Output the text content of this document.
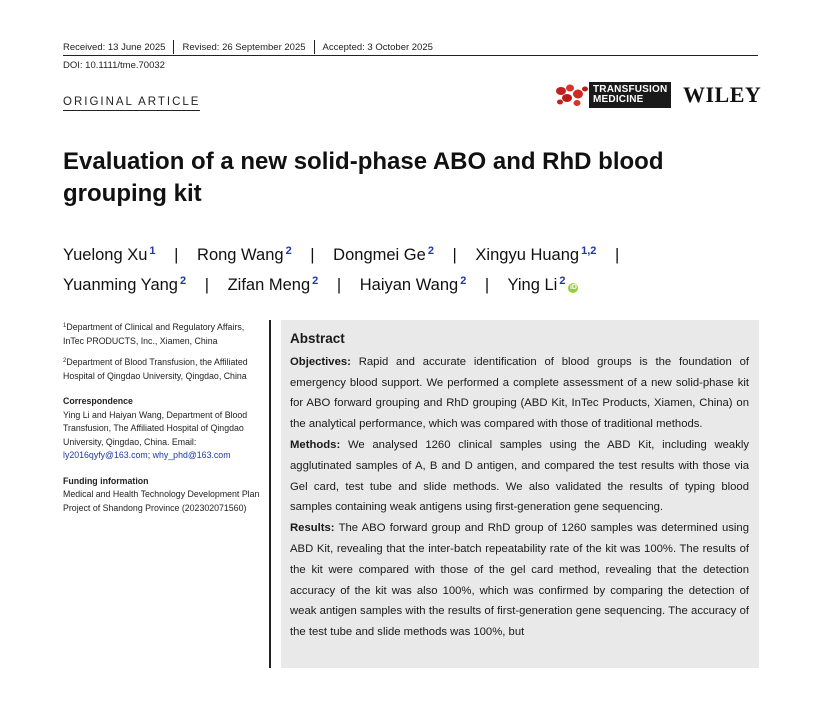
Received: 13 June 2025 Revised: 26 September 2025 Accepted: 3 October 2025
DOI: 10.1111/tme.70032
ORIGINAL ARTICLE
TRANSFUSION
MEDICINE	WILEY
Evaluation of a new solid-phase ABO and RhD blood grouping kit
Yuelong Xu $^1$ | Rong Wang $^2$ | Dongmei Ge $^2$ | Xingyu Huang $^{1,2}$ |
Yuanming Yang $^2$ | Zifan Meng $^2$ | Haiyan Wang $^2$ | Ying Li $^2$iD

$^1$Department of Clinical and Regulatory Affairs, InTec PRODUCTS, Inc., Xiamen, China

$^2$Department of Blood Transfusion, the Affiliated Hospital of Qingdao University, Qingdao, China

Correspondence

Ying Li and Haiyan Wang, Department of Blood Transfusion, The Affiliated Hospital of Qingdao University, Qingdao, China. Email: ly2016qyfy@163.com; why_phd@163.com

Funding information

Medical and Health Technology Development Plan Project of Shandong Province (202302071560)

Abstract

Objectives: Rapid and accurate identification of blood groups is the foundation of emergency blood support. We performed a complete assessment of a new solid-phase kit for ABO forward grouping and RhD grouping (ABD Kit, InTec Products, Xiamen, China) on the analytical performance, which was compared with those of traditional methods.

Methods: We analysed 1260 clinical samples using the ABD Kit, including weakly agglutinated samples of A, B and D antigen, and compared the test results with those via Gel card, test tube and slide methods. We also validated the results of typing blood samples containing weak antigens using first-generation gene sequencing.

Results: The ABO forward group and RhD group of 1260 samples was determined using ABD Kit, revealing that the inter-batch repeatability rate of the kit was 100%. The results of the kit were compared with those of the gel card method, revealing that the detection accuracy of the kit was also 100%, which was confirmed by comparing the detection of weak antigen samples with the results of first-generation gene sequencing. The accuracy of the test tube and slide methods was 100%, but
